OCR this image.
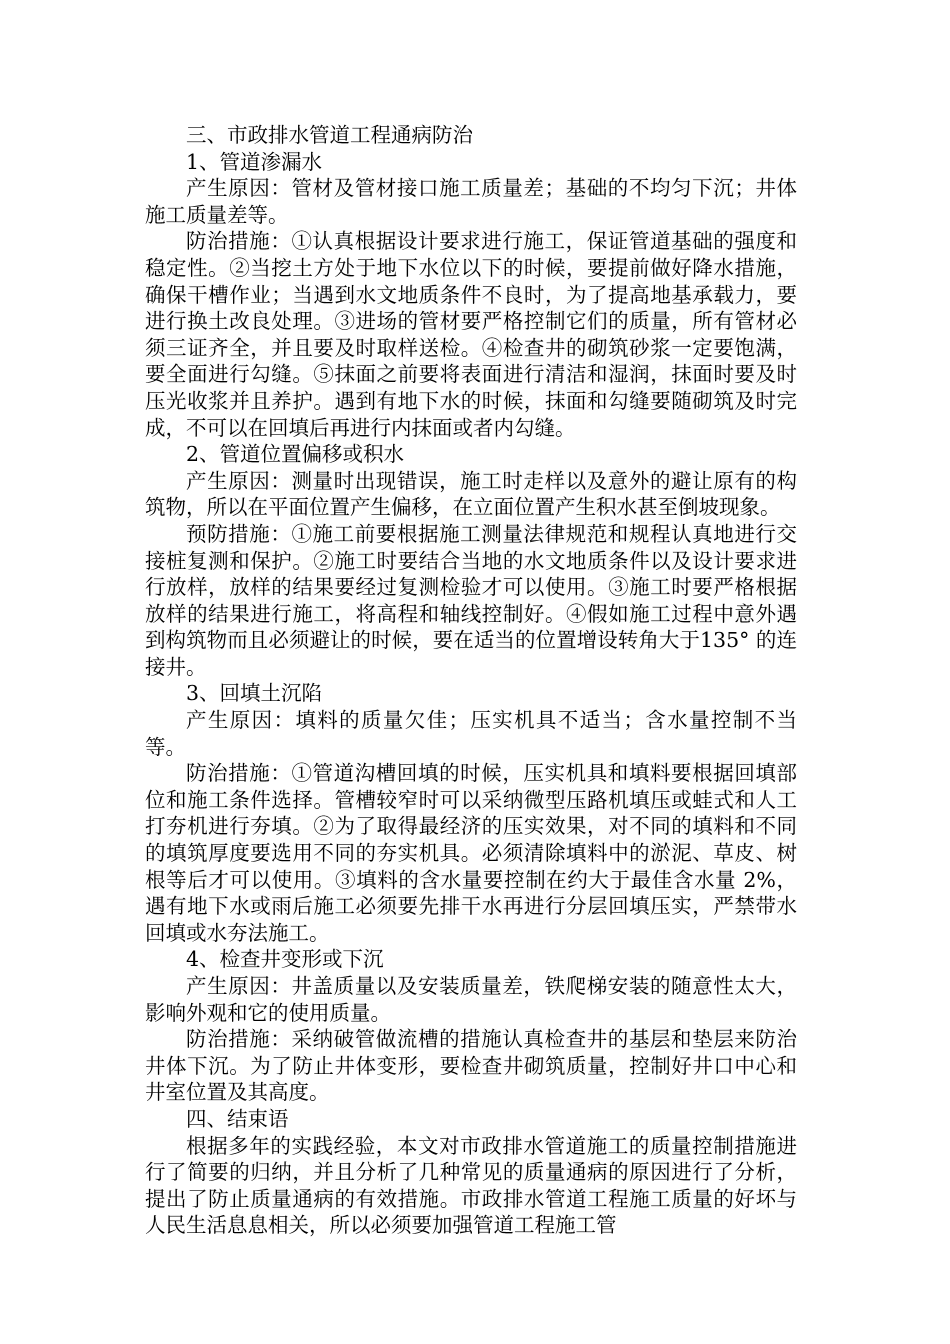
三、市政排水管道工程通病防治

1、管道渗漏水

产生原因：管材及管材接口施工质量差；基础的不均匀下沉；井体施工质量差等。

防治措施：①认真根据设计要求进行施工，保证管道基础的强度和稳定性。②当挖土方处于地下水位以下的时候，要提前做好降水措施，确保干槽作业；当遇到水文地质条件不良时，为了提高地基承载力，要进行换土改良处理。③进场的管材要严格控制它们的质量，所有管材必须三证齐全，并且要及时取样送检。④检查井的砌筑砂浆一定要饱满，要全面进行勾缝。⑤抹面之前要将表面进行清洁和湿润，抹面时要及时压光收浆并且养护。遇到有地下水的时候，抹面和勾缝要随砌筑及时完成，不可以在回填后再进行内抹面或者内勾缝。

2、管道位置偏移或积水

产生原因：测量时出现错误，施工时走样以及意外的避让原有的构筑物，所以在平面位置产生偏移，在立面位置产生积水甚至倒坡现象。

预防措施：①施工前要根据施工测量法律规范和规程认真地进行交接桩复测和保护。②施工时要结合当地的水文地质条件以及设计要求进行放样，放样的结果要经过复测检验才可以使用。③施工时要严格根据放样的结果进行施工，将高程和轴线控制好。④假如施工过程中意外遇到构筑物而且必须避让的时候，要在适当的位置增设转角大于135° 的连接井。

3、回填土沉陷

产生原因：填料的质量欠佳；压实机具不适当；含水量控制不当等。

防治措施：①管道沟槽回填的时候，压实机具和填料要根据回填部位和施工条件选择。管槽较窄时可以采纳微型压路机填压或蛙式和人工打夯机进行夯填。②为了取得最经济的压实效果，对不同的填料和不同的填筑厚度要选用不同的夯实机具。必须清除填料中的淤泥、草皮、树根等后才可以使用。③填料的含水量要控制在约大于最佳含水量 2%，遇有地下水或雨后施工必须要先排干水再进行分层回填压实，严禁带水回填或水夯法施工。

4、检查井变形或下沉

产生原因：井盖质量以及安装质量差，铁爬梯安装的随意性太大，影响外观和它的使用质量。

防治措施：采纳破管做流槽的措施认真检查井的基层和垫层来防治井体下沉。为了防止井体变形，要检查井砌筑质量，控制好井口中心和井室位置及其高度。

四、结束语

根据多年的实践经验，本文对市政排水管道施工的质量控制措施进行了简要的归纳，并且分析了几种常见的质量通病的原因进行了分析，提出了防止质量通病的有效措施。市政排水管道工程施工质量的好坏与人民生活息息相关，所以必须要加强管道工程施工管
